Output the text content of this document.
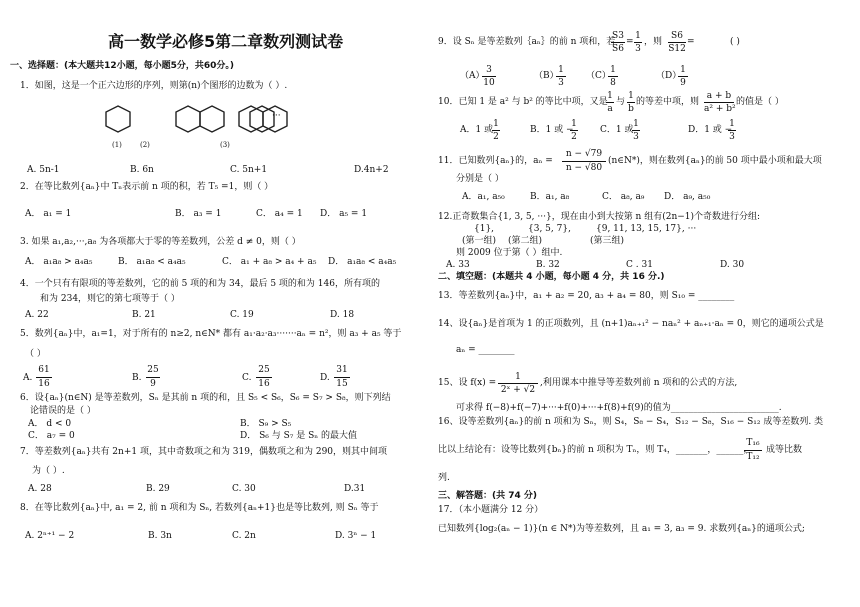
高一数学必修5第二章数列测试卷
一、选择题：(本大题共12小题，每小题5分，共60分。)
1．如图，这是一个正六边形的序列，则第(n)个图形的边数为（ ）.
···
(1)	(2)	(3)
A. 5n-1	B. 6n	C. 5n+1	D.4n+2
2．在等比数列{aₙ}中 Tₙ表示前 n 项的积，若 T₅ =1，则（ ）
A． a₁ = 1	B． a₃ = 1	C． a₄ = 1 D． a₅ = 1
3. 如果 a₁,a₂,···,a₈ 为各项都大于零的等差数列，公差 d ≠ 0，则（ ）
A． a₁a₈ > a₄a₅	B． a₁a₈ < a₄a₅	C． a₁ + a₈ > a₄ + a₅ D． a₁a₈ < a₄a₅
4．一个只有有限项的等差数列，它的前 5 项的和为 34，最后 5 项的和为 146，所有项的
和为 234，则它的第七项等于（ ）
A. 22	B. 21	C. 19	D. 18
5．数列{aₙ}中，a₁=1，对于所有的 n≥2, n∈N* 都有 a₁·a₂·a₃·······aₙ = n²，则 a₃ + a₅ 等于
（ ）
A.
61
16
B.
25
9
C.
25
16
D.
31
15
6．设{aₙ}(n∈N) 是等差数列，Sₙ 是其前 n 项的和，且 S₅ < S₆，S₆ = S₇ > S₈，则下列结
论错误的是（ ）
A． d < 0	B． S₉ > S₅
C． a₇ = 0	D． S₆ 与 S₇ 是 Sₙ 的最大值
7．等差数列{aₙ}共有 2n+1 项，其中奇数项之和为 319，偶数项之和为 290，则其中间项
为（ ）.
A. 28	B. 29	C. 30	D.31
8．在等比数列{aₙ}中, a₁ = 2, 前 n 项和为 Sₙ, 若数列{aₙ+1}也是等比数列, 则 Sₙ 等于
A. 2ⁿ⁺¹ − 2	B. 3n	C. 2n	D. 3ⁿ − 1
9．设 Sₙ 是等差数列｛aₙ｝的前 n 项和，若
S3
S6
=
1
3
，则
S6
S12
=	( )
（A）
3
10
（B）
1
3
（C）
1
8
（D）
1
9
10．已知 1 是 a² 与 b² 的等比中项，又是
1
a
与
1
b
的等差中项，则
a + b
a² + b²
的值是（ ）
A．1 或
1
2
B．1 或 −
1
2
C．1 或
1
3
D．1 或 −
1
3
11．已知数列{aₙ}的，aₙ =
n − √79
n − √80
(n∈N*)，则在数列{aₙ}的前 50 项中最小项和最大项
分别是（ ）
A．a₁, a₅₀	B．a₁, a₈	C． a₈, a₉ D． a₉, a₅₀
12.正奇数集合{1, 3, 5, ···}，现在由小到大按第 n 组有(2n−1)个奇数进行分组:
{1},	{3, 5, 7},	{9, 11, 13, 15, 17}, ···
(第一组) (第二组)	(第三组)
则 2009 位于第（ ）组中.
A. 33	B. 32	C . 31	D. 30
二、填空题：(本题共 4 小题，每小题 4 分，共 16 分.)
13．等差数列{aₙ}中，a₁ + a₂ = 20, a₃ + a₄ = 80，则 S₁₀ = ________
14、设{aₙ}是首项为 1 的正项数列，且 (n+1)aₙ₊₁² − naₙ² + aₙ₊₁·aₙ = 0，则它的通项公式是
aₙ = ________
15、设 f(x) =
1
2ˣ + √2
,利用课本中推导等差数列前 n 项和的公式的方法,
可求得 f(−8)+f(−7)+···+f(0)+···+f(8)+f(9)的值为________________________.
16、设等差数列{aₙ}的前 n 项和为 Sₙ，则 S₄，S₈ − S₄，S₁₂ − S₈，S₁₆ − S₁₂ 成等差数列. 类
比以上结论有：设等比数列{bₙ}的前 n 项积为 Tₙ，则 T₄，_______，______，
T₁₆
T₁₂
成等比数
列.
三、解答题：(共 74 分)
17．（本小题满分 12 分）
已知数列{log₂(aₙ − 1)}(n ∈ N*)为等差数列，且 a₁ = 3, a₃ = 9. 求数列{aₙ}的通项公式;
